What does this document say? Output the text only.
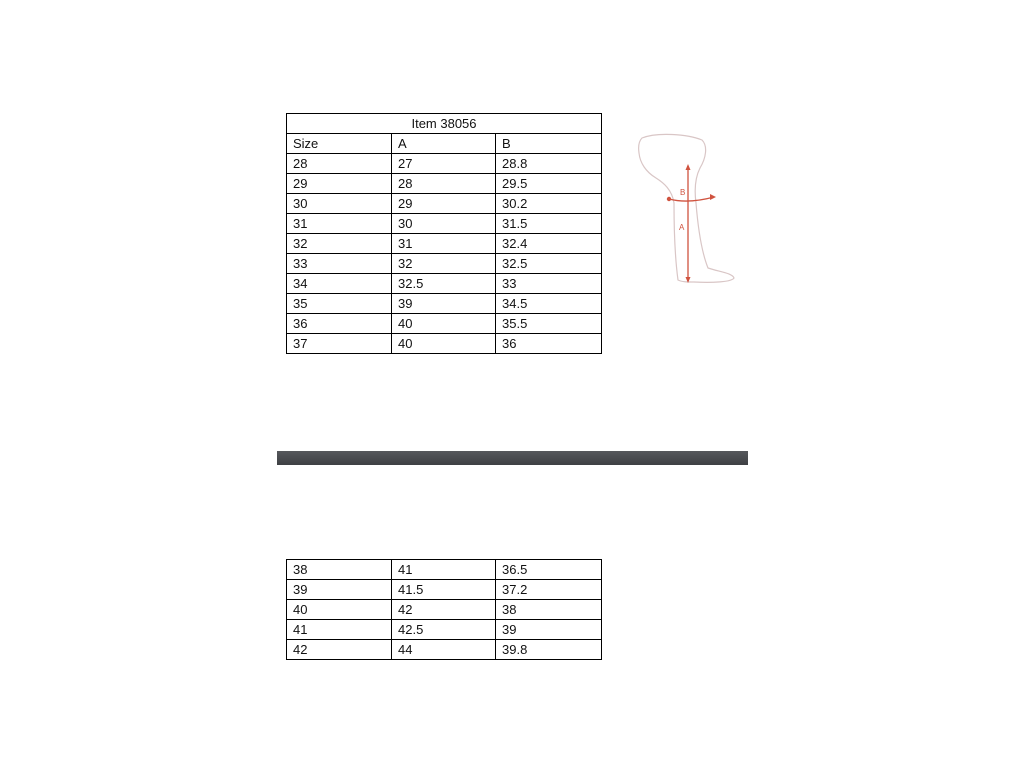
Item 38056		
Size	A	B
28	27	28.8
29	28	29.5
30	29	30.2
31	30	31.5
32	31	32.4
33	32	32.5
34	32.5	33
35	39	34.5
36	40	35.5
37	40	36
B
A
38	41	36.5
39	41.5	37.2
40	42	38
41	42.5	39
42	44	39.8
